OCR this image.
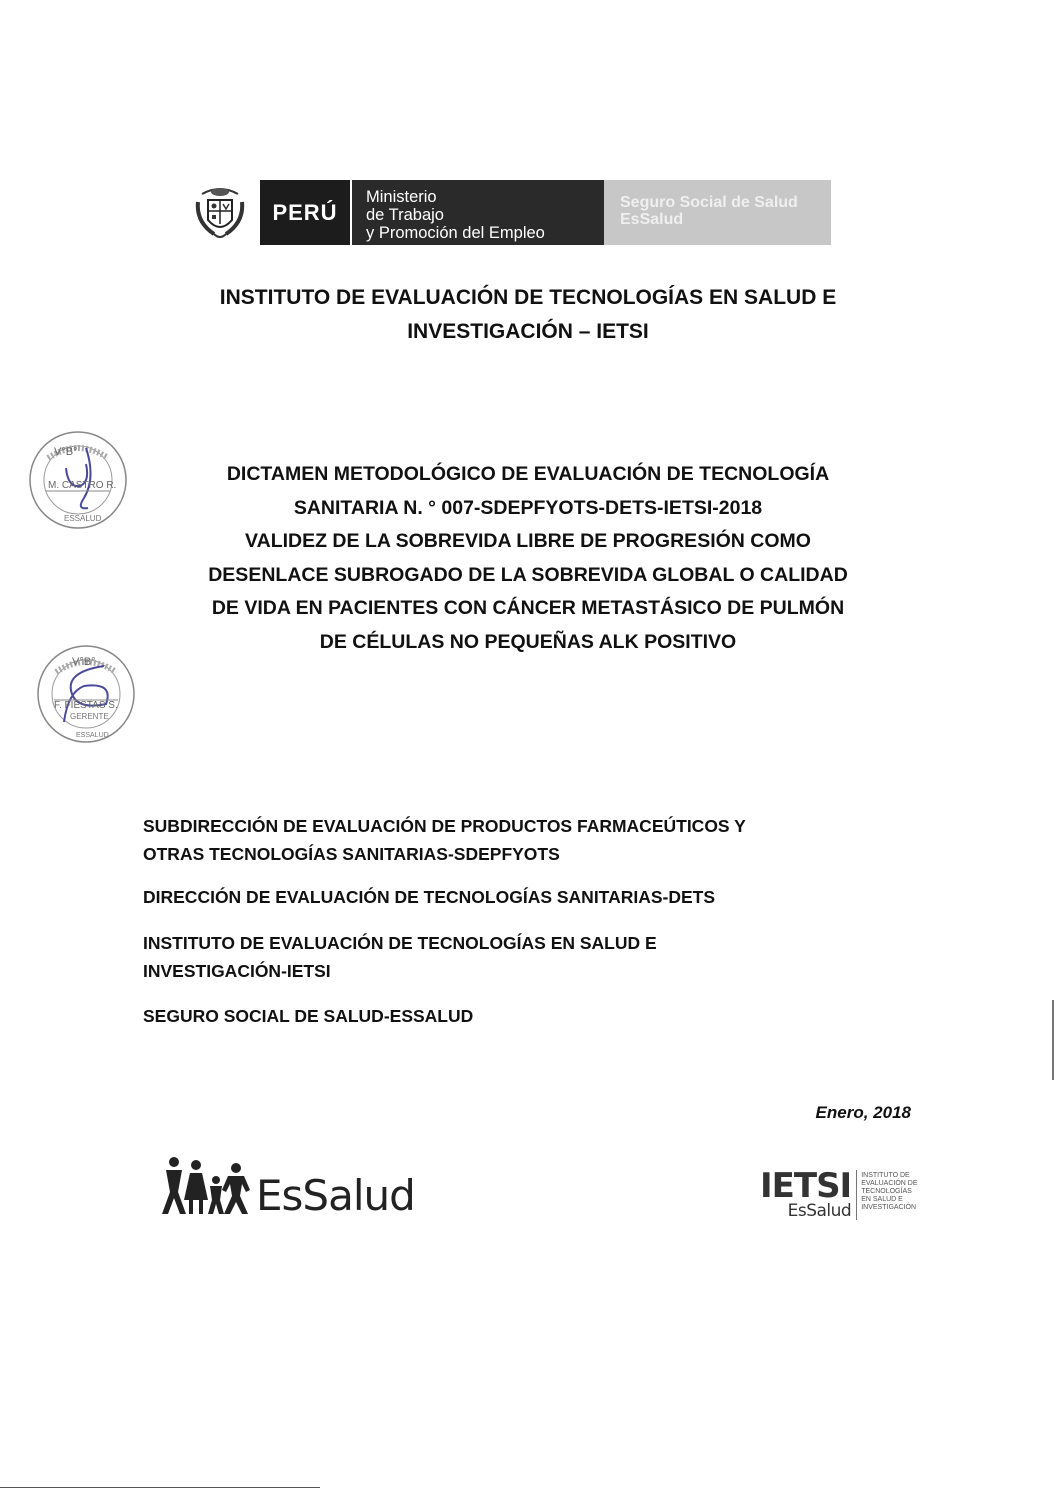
PERÚ
Ministerio
de Trabajo
y Promoción del Empleo
Seguro Social de Salud
EsSalud
INSTITUTO DE EVALUACIÓN DE TECNOLOGÍAS EN SALUD E
INVESTIGACIÓN – IETSI
V°B°
M. CASTRO R.
ESSALUD
DICTAMEN METODOLÓGICO DE EVALUACIÓN DE TECNOLOGÍA
SANITARIA N. ° 007-SDEPFYOTS-DETS-IETSI-2018
VALIDEZ DE LA SOBREVIDA LIBRE DE PROGRESIÓN COMO
DESENLACE SUBROGADO DE LA SOBREVIDA GLOBAL O CALIDAD
DE VIDA EN PACIENTES CON CÁNCER METASTÁSICO DE PULMÓN
DE CÉLULAS NO PEQUEÑAS ALK POSITIVO
V°B°
F. FIESTAS S.
GERENTE
ESSALUD
SUBDIRECCIÓN DE EVALUACIÓN DE PRODUCTOS FARMACEÚTICOS Y
OTRAS TECNOLOGÍAS SANITARIAS-SDEPFYOTS
DIRECCIÓN DE EVALUACIÓN DE TECNOLOGÍAS SANITARIAS-DETS
INSTITUTO DE EVALUACIÓN DE TECNOLOGÍAS EN SALUD E
INVESTIGACIÓN-IETSI
SEGURO SOCIAL DE SALUD-ESSALUD
Enero, 2018
EsSalud	IETSI
EsSalud
INSTITUTO DE EVALUACIÓN DE TECNOLOGÍAS EN SALUD E INVESTIGACIÓN
